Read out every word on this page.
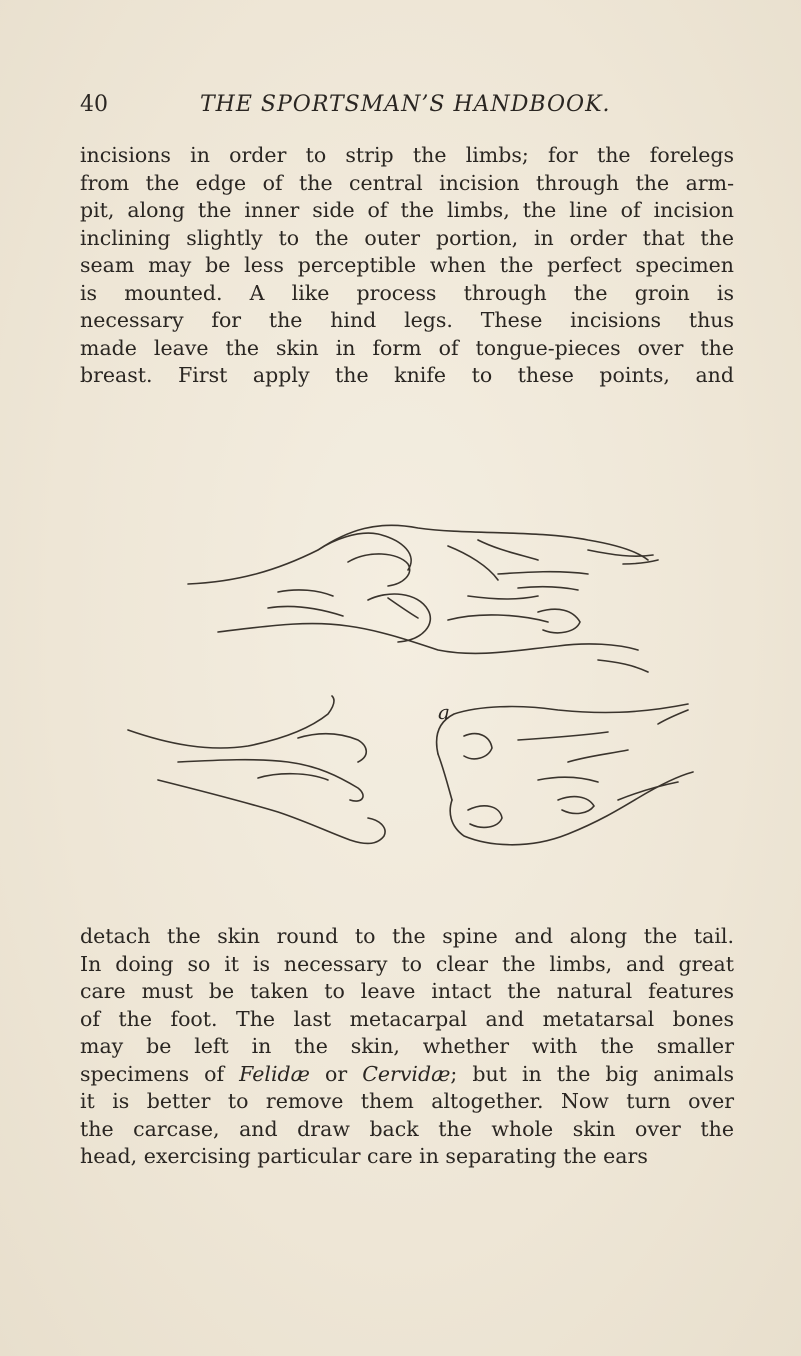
40	THE SPORTSMAN’S HANDBOOK.
incisions in order to strip the limbs; for the forelegs
from the edge of the central incision through the arm-
pit, along the inner side of the limbs, the line of incision
inclining slightly to the outer portion, in order that the
seam may be less perceptible when the perfect specimen
is mounted. A like process through the groin is
necessary for the hind legs. These incisions thus
made leave the skin in form of tongue-pieces over the
breast. First apply the knife to these points, and
a
detach the skin round to the spine and along the tail.
In doing so it is necessary to clear the limbs, and great
care must be taken to leave intact the natural features
of the foot. The last metacarpal and metatarsal bones
may be left in the skin, whether with the smaller
specimens of Felidæ or Cervidæ; but in the big animals
it is better to remove them altogether. Now turn over
the carcase, and draw back the whole skin over the
head, exercising particular care in separating the ears
